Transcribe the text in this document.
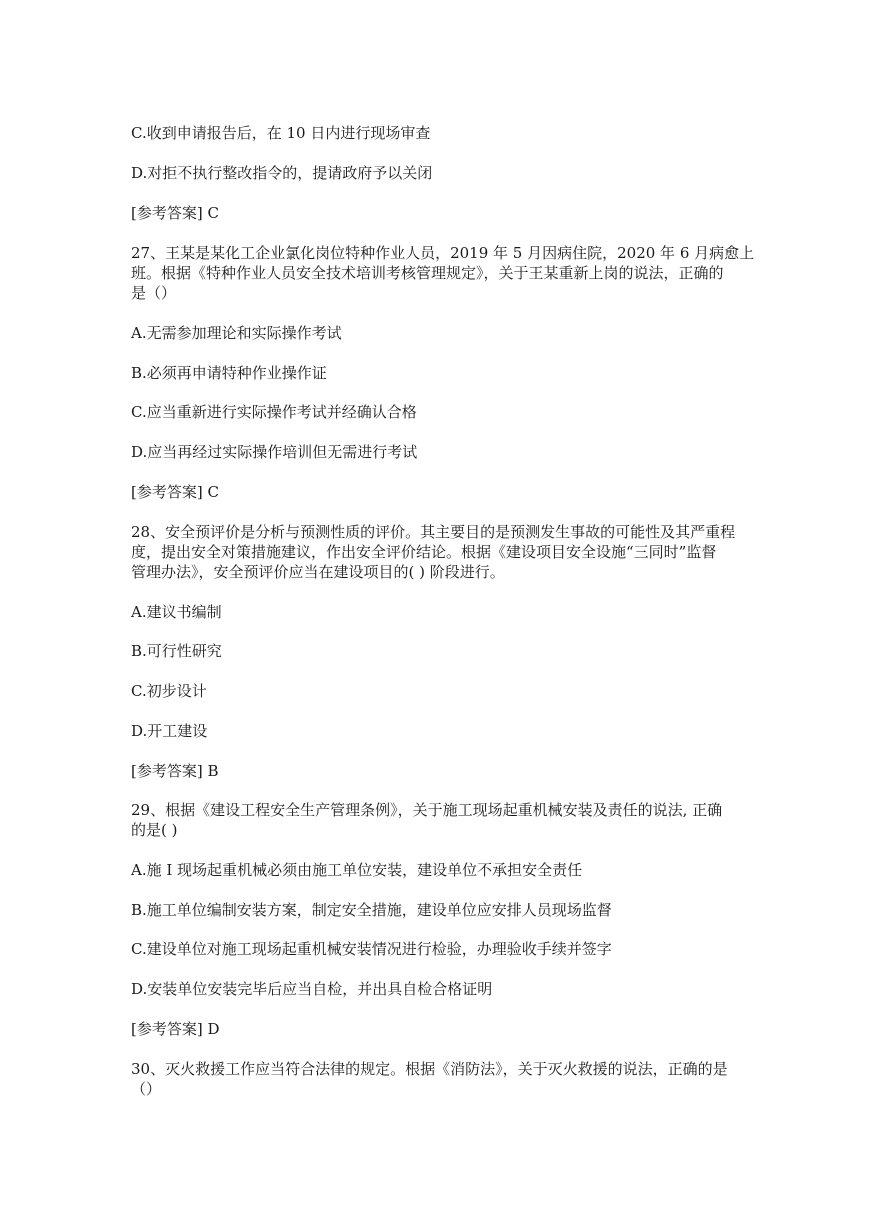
C.收到申请报告后，在 10 日内进行现场审查

D.对拒不执行整改指令的，提请政府予以关闭

[参考答案] C

27、王某是某化工企业氯化岗位特种作业人员，2019 年 5 月因病住院，2020 年 6 月病愈上
班。根据《特种作业人员安全技术培训考核管理规定》，关于王某重新上岗的说法，正确的
是（）

A.无需参加理论和实际操作考试

B.必须再申请特种作业操作证

C.应当重新进行实际操作考试并经确认合格

D.应当再经过实际操作培训但无需进行考试

[参考答案] C

28、安全预评价是分析与预测性质的评价。其主要目的是预测发生事故的可能性及其严重程
度，提出安全对策措施建议，作出安全评价结论。根据《建设项目安全设施“三同时”监督
管理办法》，安全预评价应当在建设项目的( ) 阶段进行。

A.建议书编制

B.可行性研究

C.初步设计

D.开工建设

[参考答案] B

29、根据《建设工程安全生产管理条例》，关于施工现场起重机械安装及责任的说法, 正确
的是( )

A.施 I 现场起重机械必须由施工单位安装，建设单位不承担安全责任

B.施工单位编制安装方案，制定安全措施，建设单位应安排人员现场监督

C.建设单位对施工现场起重机械安装情况进行检验，办理验收手续并签字

D.安装单位安装完毕后应当自检，并出具自检合格证明

[参考答案] D

30、灭火救援工作应当符合法律的规定。根据《消防法》，关于灭火救援的说法，正确的是
（）
